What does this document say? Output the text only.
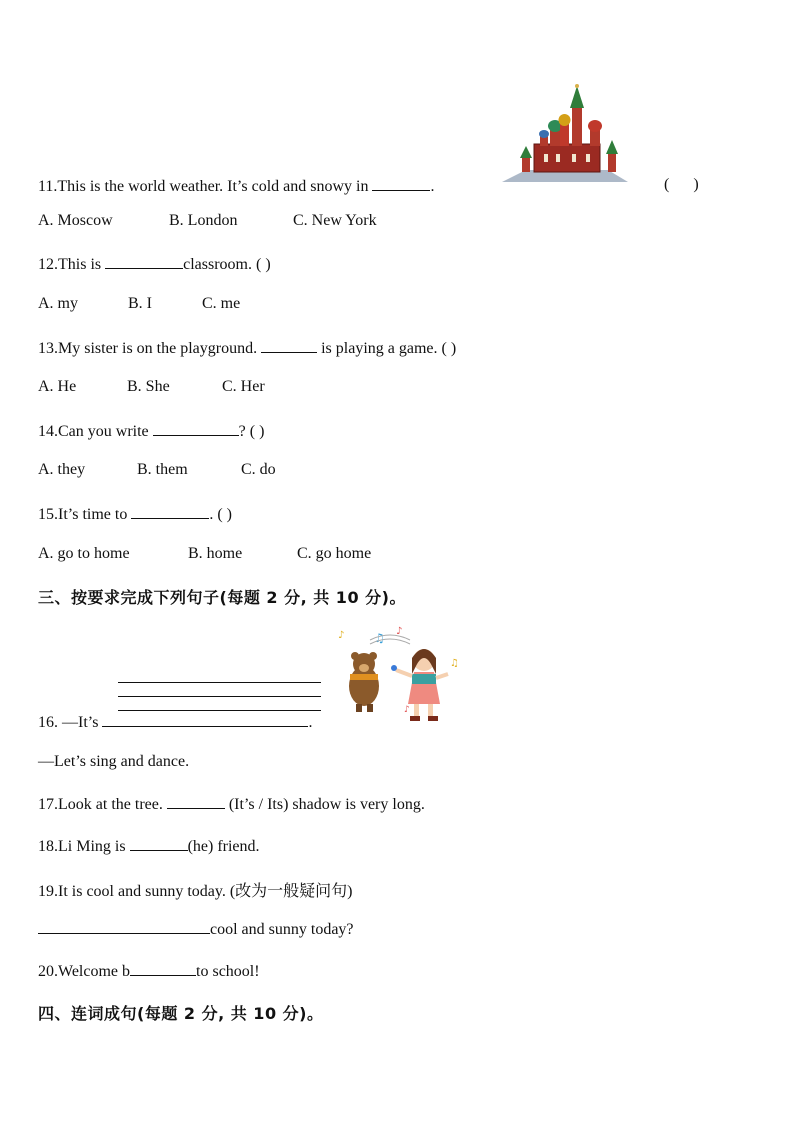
11.This is the world weather. It’s cold and snowy in	.	(      )
A. Moscow	B. London	C. New York
12.This is	classroom. ( )
A. my	B. I	C. me
13.My sister is on the playground.	is playing a game. ( )
A. He	B. She	C. Her
14.Can you write	? ( )
A. they	B. them	C. do
15.It’s time to	. ( )
A. go to home	B. home	C. go home
三、按要求完成下列句子(每题 2 分, 共 10 分)。
♪ ♫ ♪
♫
♪
16. —It’s	.
—Let’s sing and dance.
17.Look at the tree.	(It’s / Its) shadow is very long.
18.Li Ming is	(he) friend.
19.It is cool and sunny today. (改为一般疑问句)
cool and sunny today?
20.Welcome b	to school!
四、连词成句(每题 2 分, 共 10 分)。
